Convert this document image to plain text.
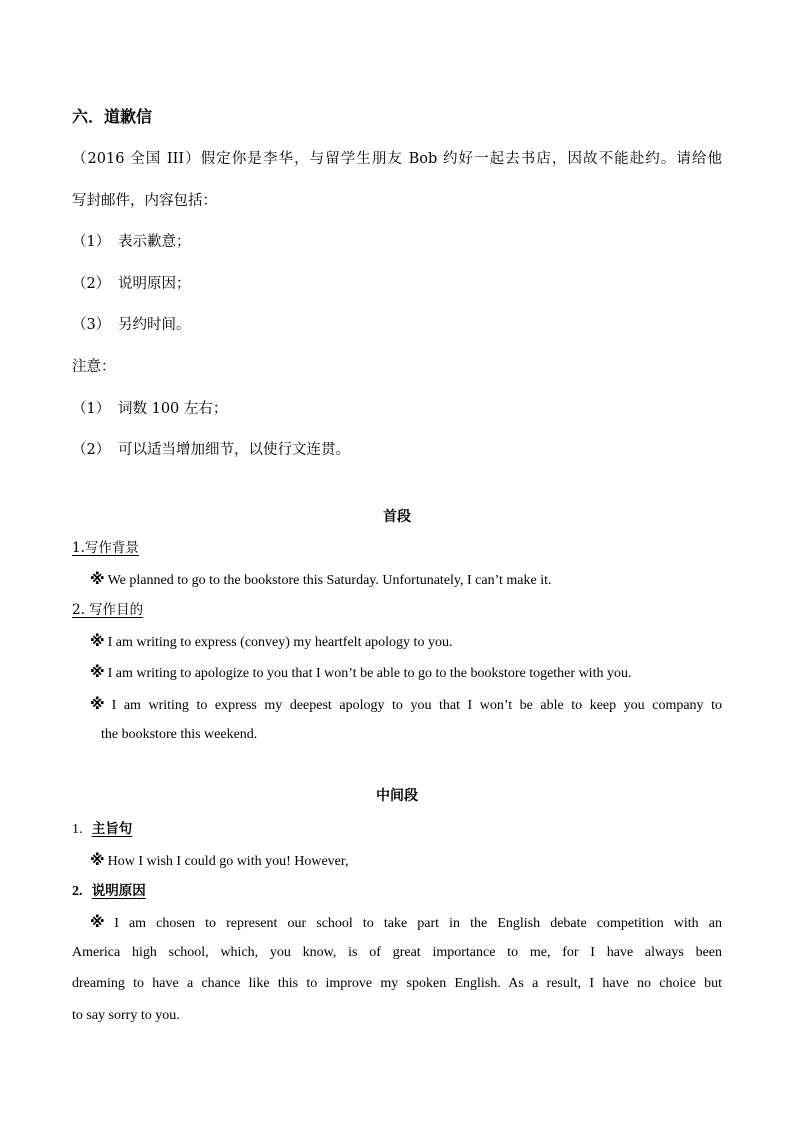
六．道歉信
（2016 全国 III）假定你是李华，与留学生朋友 Bob 约好一起去书店，因故不能赴约。请给他
写封邮件，内容包括：
（1） 表示歉意；
（2） 说明原因；
（3） 另约时间。
注意：
（1） 词数 100 左右；
（2） 可以适当增加细节，以使行文连贯。
首段
1.写作背景
※ We planned to go to the bookstore this Saturday. Unfortunately, I can’t make it.
2. 写作目的
※ I am writing to express (convey) my heartfelt apology to you.
※ I am writing to apologize to you that I won’t be able to go to the bookstore together with you.
※ I am writing to express my deepest apology to you that I won’t be able to keep you company to
the bookstore this weekend.
中间段
1. 主旨句
※ How I wish I could go with you! However,
2. 说明原因
※ I am chosen to represent our school to take part in the English debate competition with an
America high school, which, you know, is of great importance to me, for I have always been
dreaming to have a chance like this to improve my spoken English. As a result, I have no choice but
to say sorry to you.
